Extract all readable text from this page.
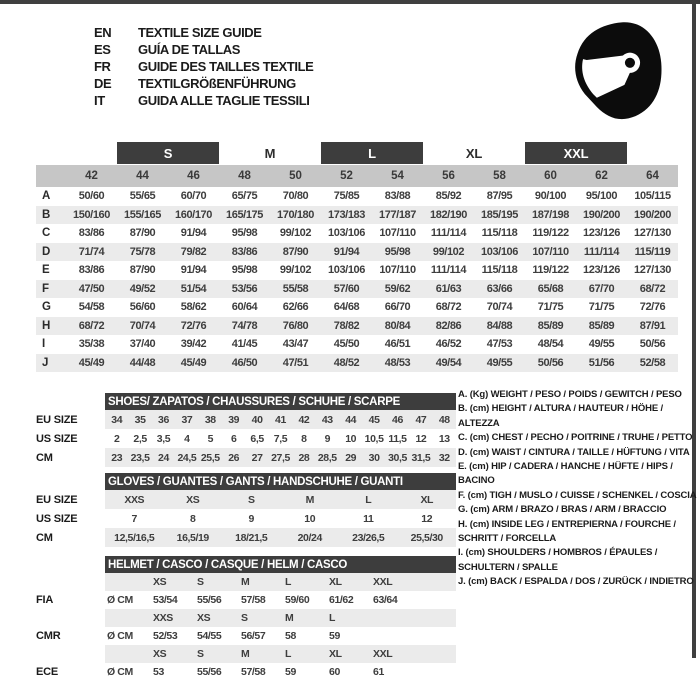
EN	TEXTILE SIZE GUIDE
ES	GUÍA DE TALLAS
FR	GUIDE DES TAILLES TEXTILE
DE	TEXTILGRÖßENFÜHRUNG
IT	GUIDA ALLE TAGLIE TESSILI
S	M	L	XL	XXL
42	44	46	48	50	52	54	56	58	60	62	64
A	50/60	55/65	60/70	65/75	70/80	75/85	83/88	85/92	87/95	90/100	95/100	105/115
B	150/160	155/165	160/170	165/175	170/180	173/183	177/187	182/190	185/195	187/198	190/200	190/200
C	83/86	87/90	91/94	95/98	99/102	103/106	107/110	111/114	115/118	119/122	123/126	127/130
D	71/74	75/78	79/82	83/86	87/90	91/94	95/98	99/102	103/106	107/110	111/114	115/119
E	83/86	87/90	91/94	95/98	99/102	103/106	107/110	111/114	115/118	119/122	123/126	127/130
F	47/50	49/52	51/54	53/56	55/58	57/60	59/62	61/63	63/66	65/68	67/70	68/72
G	54/58	56/60	58/62	60/64	62/66	64/68	66/70	68/72	70/74	71/75	71/75	72/76
H	68/72	70/74	72/76	74/78	76/80	78/82	80/84	82/86	84/88	85/89	85/89	87/91
I	35/38	37/40	39/42	41/45	43/47	45/50	46/51	46/52	47/53	48/54	49/55	50/56
J	45/49	44/48	45/49	46/50	47/51	48/52	48/53	49/54	49/55	50/56	51/56	52/58
SHOES/ ZAPATOS / CHAUSSURES / SCHUHE / SCARPE
EU SIZE	34	35	36	37	38	39	40	41	42	43	44	45	46	47	48
US SIZE	2	2,5 3,5	4	5	6	6,5 7,5	8	9	10 10,5 11,5 12	13
CM	23 23,5 24 24,5 25,5 26	27 27,5 28 28,5 29	30 30,5 31,5 32
GLOVES / GUANTES / GANTS / HANDSCHUHE / GUANTI
EU SIZE	XXS	XS	S	M	L	XL
US SIZE	7	8	9	10	11	12
CM	12,5/16,5	16,5/19	18/21,5	20/24	23/26,5	25,5/30
HELMET / CASCO / CASQUE / HELM / CASCO
XS	S	M	L	XL	XXL
FIA	Ø CM	53/54	55/56	57/58	59/60	61/62	63/64
XXS	XS	S	M	L
CMR	Ø CM	52/53	54/55	56/57	58	59
XS	S	M	L	XL	XXL
ECE	Ø CM	53	55/56	57/58	59	60	61
A. (Kg) WEIGHT / PESO / POIDS / GEWITCH / PESO
B. (cm) HEIGHT / ALTURA / HAUTEUR / HÖHE / ALTEZZA
C. (cm) CHEST / PECHO / POITRINE / TRUHE / PETTO
D. (cm) WAIST / CINTURA / TAILLE / HÜFTUNG / VITA
E. (cm) HIP / CADERA / HANCHE / HÜFTE / HIPS / BACINO
F. (cm) TIGH / MUSLO / CUISSE / SCHENKEL / COSCIA
G. (cm) ARM / BRAZO / BRAS / ARM / BRACCIO
H. (cm) INSIDE LEG / ENTREPIERNA / FOURCHE / SCHRITT / FORCELLA
I. (cm) SHOULDERS / HOMBROS / ÉPAULES / SCHULTERN / SPALLE
J. (cm) BACK / ESPALDA / DOS / ZURÜCK / INDIETRO
